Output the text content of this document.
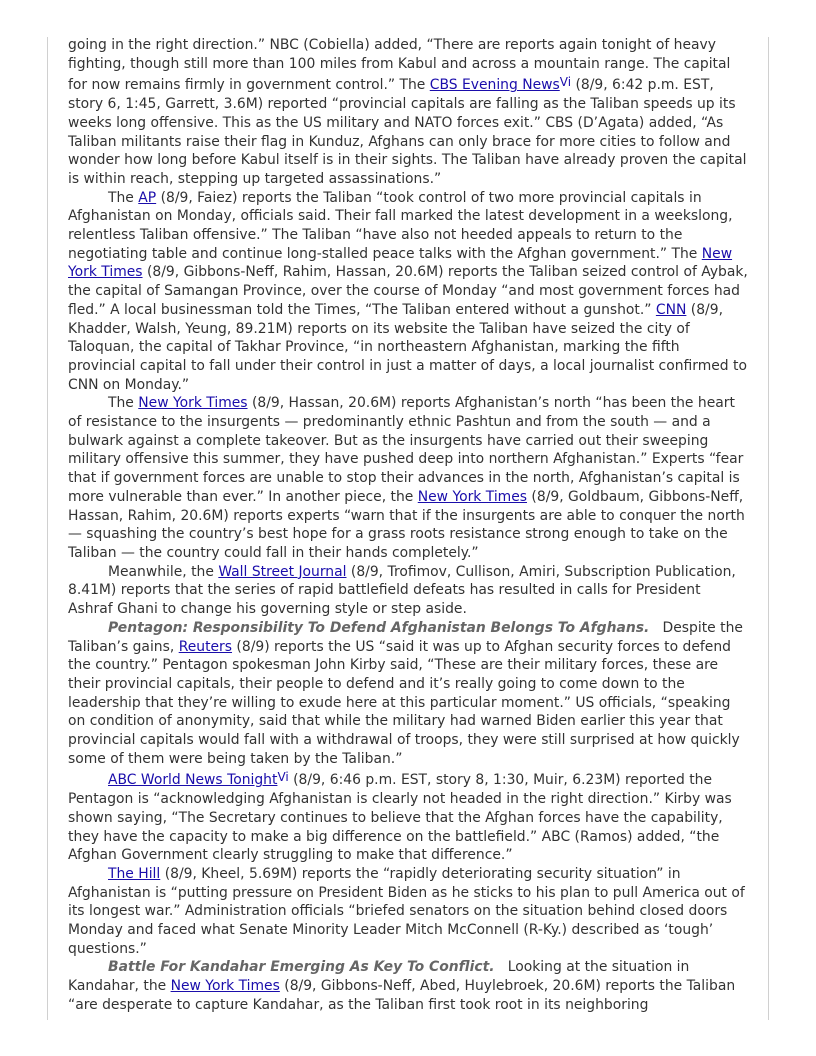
going in the right direction.” NBC (Cobiella) added, “There are reports again tonight of heavy fighting, though still more than 100 miles from Kabul and across a mountain range. The capital for now remains firmly in government control.” The CBS Evening NewsVi (8/9, 6:42 p.m. EST, story 6, 1:45, Garrett, 3.6M) reported “provincial capitals are falling as the Taliban speeds up its weeks long offensive. This as the US military and NATO forces exit.” CBS (D’Agata) added, “As Taliban militants raise their flag in Kunduz, Afghans can only brace for more cities to follow and wonder how long before Kabul itself is in their sights. The Taliban have already proven the capital is within reach, stepping up targeted assassinations.”

The AP (8/9, Faiez) reports the Taliban “took control of two more provincial capitals in Afghanistan on Monday, officials said. Their fall marked the latest development in a weekslong, relentless Taliban offensive.” The Taliban “have also not heeded appeals to return to the negotiating table and continue long-stalled peace talks with the Afghan government.” The New York Times (8/9, Gibbons-Neff, Rahim, Hassan, 20.6M) reports the Taliban seized control of Aybak, the capital of Samangan Province, over the course of Monday “and most government forces had fled.” A local businessman told the Times, “The Taliban entered without a gunshot.” CNN (8/9, Khadder, Walsh, Yeung, 89.21M) reports on its website the Taliban have seized the city of Taloquan, the capital of Takhar Province, “in northeastern Afghanistan, marking the fifth provincial capital to fall under their control in just a matter of days, a local journalist confirmed to CNN on Monday.”

The New York Times (8/9, Hassan, 20.6M) reports Afghanistan’s north “has been the heart of resistance to the insurgents — predominantly ethnic Pashtun and from the south — and a bulwark against a complete takeover. But as the insurgents have carried out their sweeping military offensive this summer, they have pushed deep into northern Afghanistan.” Experts “fear that if government forces are unable to stop their advances in the north, Afghanistan’s capital is more vulnerable than ever.” In another piece, the New York Times (8/9, Goldbaum, Gibbons-Neff, Hassan, Rahim, 20.6M) reports experts “warn that if the insurgents are able to conquer the north — squashing the country’s best hope for a grass roots resistance strong enough to take on the Taliban — the country could fall in their hands completely.”

Meanwhile, the Wall Street Journal (8/9, Trofimov, Cullison, Amiri, Subscription Publication, 8.41M) reports that the series of rapid battlefield defeats has resulted in calls for President Ashraf Ghani to change his governing style or step aside.

Pentagon: Responsibility To Defend Afghanistan Belongs To Afghans.   Despite the Taliban’s gains, Reuters (8/9) reports the US “said it was up to Afghan security forces to defend the country.” Pentagon spokesman John Kirby said, “These are their military forces, these are their provincial capitals, their people to defend and it’s really going to come down to the leadership that they’re willing to exude here at this particular moment.” US officials, “speaking on condition of anonymity, said that while the military had warned Biden earlier this year that provincial capitals would fall with a withdrawal of troops, they were still surprised at how quickly some of them were being taken by the Taliban.”

ABC World News TonightVi (8/9, 6:46 p.m. EST, story 8, 1:30, Muir, 6.23M) reported the Pentagon is “acknowledging Afghanistan is clearly not headed in the right direction.” Kirby was shown saying, “The Secretary continues to believe that the Afghan forces have the capability, they have the capacity to make a big difference on the battlefield.” ABC (Ramos) added, “the Afghan Government clearly struggling to make that difference.”

The Hill (8/9, Kheel, 5.69M) reports the “rapidly deteriorating security situation” in Afghanistan is “putting pressure on President Biden as he sticks to his plan to pull America out of its longest war.” Administration officials “briefed senators on the situation behind closed doors Monday and faced what Senate Minority Leader Mitch McConnell (R-Ky.) described as ‘tough’ questions.”

Battle For Kandahar Emerging As Key To Conflict.   Looking at the situation in Kandahar, the New York Times (8/9, Gibbons-Neff, Abed, Huylebroek, 20.6M) reports the Taliban “are desperate to capture Kandahar, as the Taliban first took root in its neighboring
